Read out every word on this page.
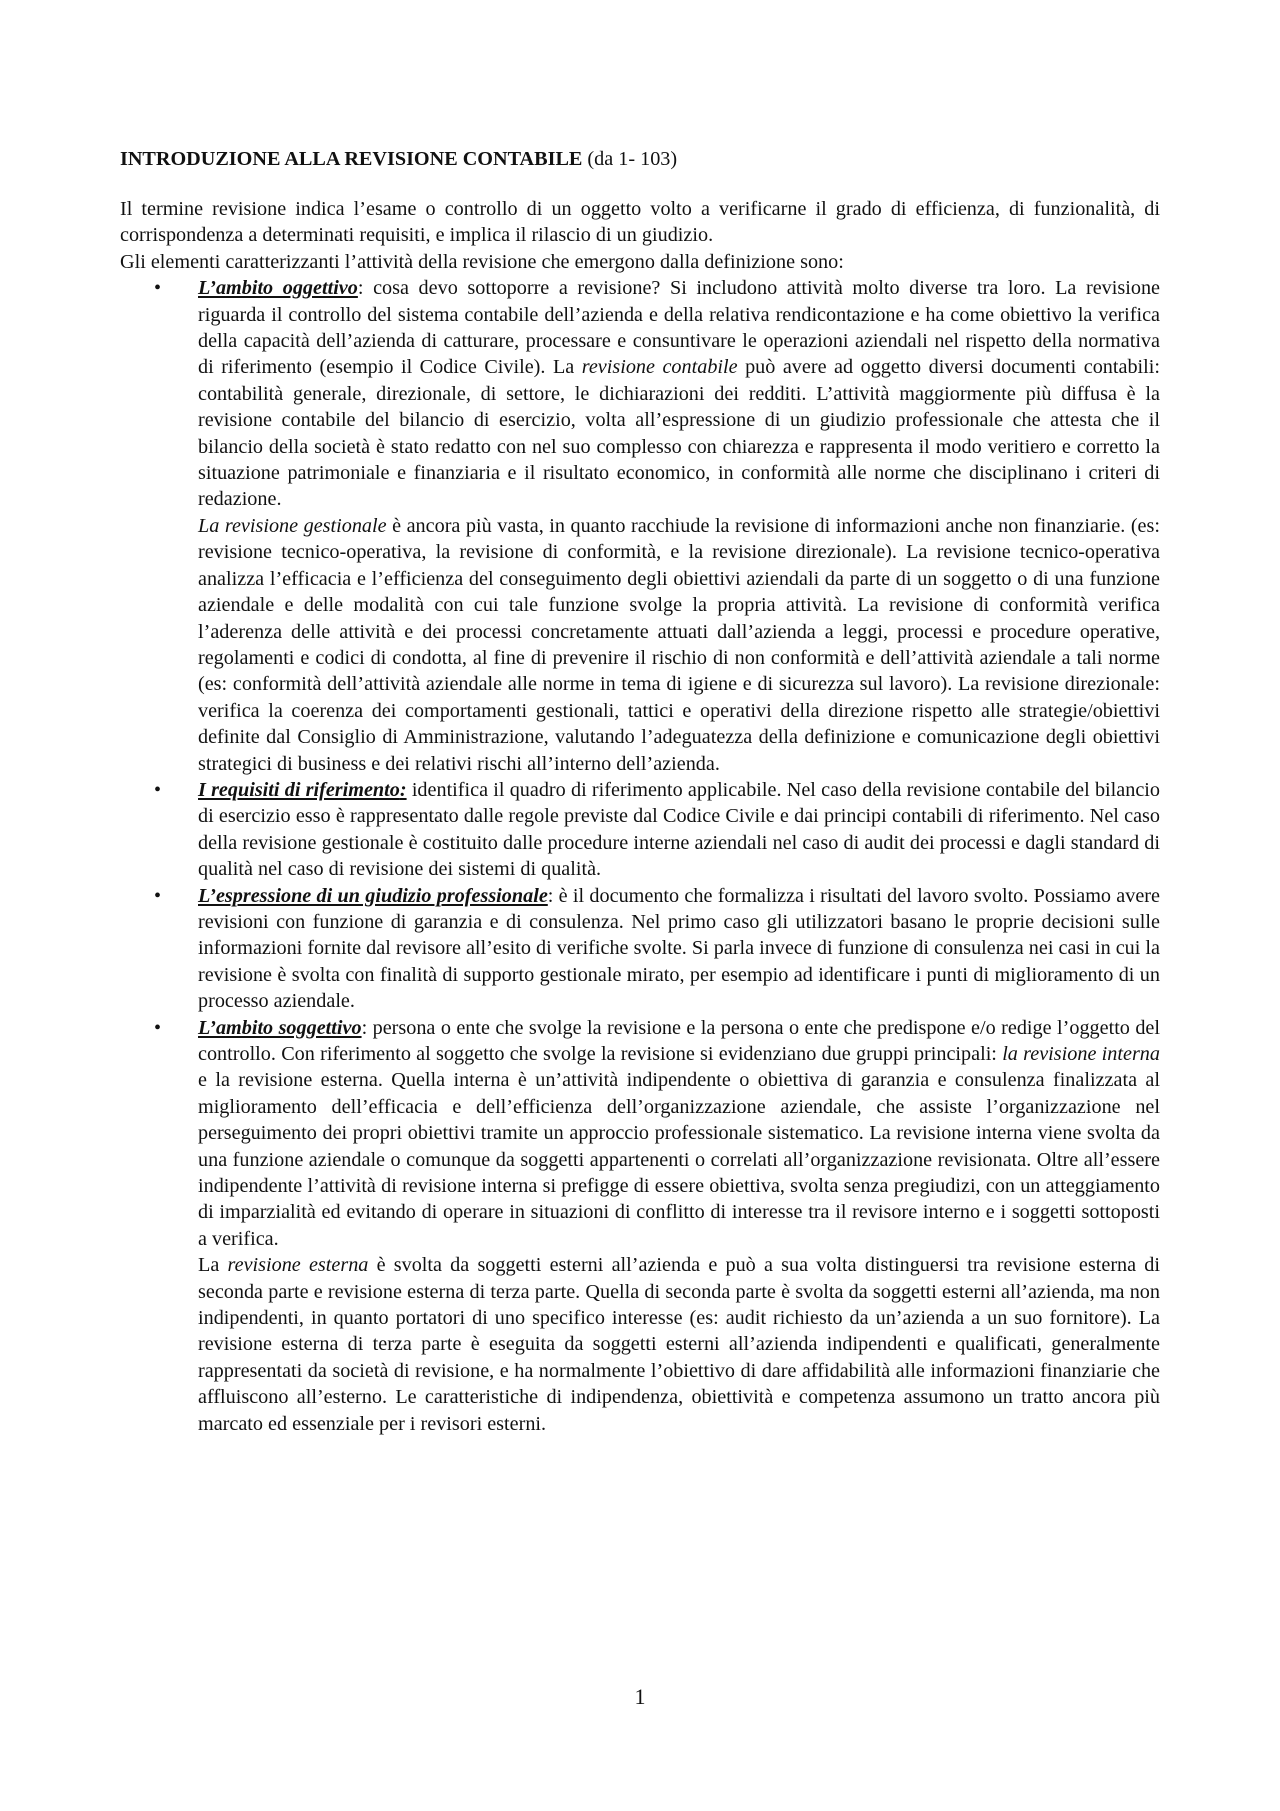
INTRODUZIONE ALLA REVISIONE CONTABILE (da 1- 103)

Il termine revisione indica l’esame o controllo di un oggetto volto a verificarne il grado di efficienza, di funzionalità, di corrispondenza a determinati requisiti, e implica il rilascio di un giudizio.

Gli elementi caratterizzanti l’attività della revisione che emergono dalla definizione sono:

• L’ambito oggettivo: cosa devo sottoporre a revisione? Si includono attività molto diverse tra loro. La revisione riguarda il controllo del sistema contabile dell’azienda e della relativa rendicontazione e ha come obiettivo la verifica della capacità dell’azienda di catturare, processare e consuntivare le operazioni aziendali nel rispetto della normativa di riferimento (esempio il Codice Civile). La revisione contabile può avere ad oggetto diversi documenti contabili: contabilità generale, direzionale, di settore, le dichiarazioni dei redditi. L’attività maggiormente più diffusa è la revisione contabile del bilancio di esercizio, volta all’espressione di un giudizio professionale che attesta che il bilancio della società è stato redatto con nel suo complesso con chiarezza e rappresenta il modo veritiero e corretto la situazione patrimoniale e finanziaria e il risultato economico, in conformità alle norme che disciplinano i criteri di redazione.
La revisione gestionale è ancora più vasta, in quanto racchiude la revisione di informazioni anche non finanziarie. (es: revisione tecnico-operativa, la revisione di conformità, e la revisione direzionale). La revisione tecnico-operativa analizza l’efficacia e l’efficienza del conseguimento degli obiettivi aziendali da parte di un soggetto o di una funzione aziendale e delle modalità con cui tale funzione svolge la propria attività. La revisione di conformità verifica l’aderenza delle attività e dei processi concretamente attuati dall’azienda a leggi, processi e procedure operative, regolamenti e codici di condotta, al fine di prevenire il rischio di non conformità e dell’attività aziendale a tali norme (es: conformità dell’attività aziendale alle norme in tema di igiene e di sicurezza sul lavoro). La revisione direzionale: verifica la coerenza dei comportamenti gestionali, tattici e operativi della direzione rispetto alle strategie/obiettivi definite dal Consiglio di Amministrazione, valutando l’adeguatezza della definizione e comunicazione degli obiettivi strategici di business e dei relativi rischi all’interno dell’azienda.
• I requisiti di riferimento: identifica il quadro di riferimento applicabile. Nel caso della revisione contabile del bilancio di esercizio esso è rappresentato dalle regole previste dal Codice Civile e dai principi contabili di riferimento. Nel caso della revisione gestionale è costituito dalle procedure interne aziendali nel caso di audit dei processi e dagli standard di qualità nel caso di revisione dei sistemi di qualità.
• L’espressione di un giudizio professionale: è il documento che formalizza i risultati del lavoro svolto. Possiamo avere revisioni con funzione di garanzia e di consulenza. Nel primo caso gli utilizzatori basano le proprie decisioni sulle informazioni fornite dal revisore all’esito di verifiche svolte. Si parla invece di funzione di consulenza nei casi in cui la revisione è svolta con finalità di supporto gestionale mirato, per esempio ad identificare i punti di miglioramento di un processo aziendale.
• L’ambito soggettivo: persona o ente che svolge la revisione e la persona o ente che predispone e/o redige l’oggetto del controllo. Con riferimento al soggetto che svolge la revisione si evidenziano due gruppi principali: la revisione interna e la revisione esterna. Quella interna è un’attività indipendente o obiettiva di garanzia e consulenza finalizzata al miglioramento dell’efficacia e dell’efficienza dell’organizzazione aziendale, che assiste l’organizzazione nel perseguimento dei propri obiettivi tramite un approccio professionale sistematico. La revisione interna viene svolta da una funzione aziendale o comunque da soggetti appartenenti o correlati all’organizzazione revisionata. Oltre all’essere indipendente l’attività di revisione interna si prefigge di essere obiettiva, svolta senza pregiudizi, con un atteggiamento di imparzialità ed evitando di operare in situazioni di conflitto di interesse tra il revisore interno e i soggetti sottoposti a verifica.
La revisione esterna è svolta da soggetti esterni all’azienda e può a sua volta distinguersi tra revisione esterna di seconda parte e revisione esterna di terza parte. Quella di seconda parte è svolta da soggetti esterni all’azienda, ma non indipendenti, in quanto portatori di uno specifico interesse (es: audit richiesto da un’azienda a un suo fornitore). La revisione esterna di terza parte è eseguita da soggetti esterni all’azienda indipendenti e qualificati, generalmente rappresentati da società di revisione, e ha normalmente l’obiettivo di dare affidabilità alle informazioni finanziarie che affluiscono all’esterno. Le caratteristiche di indipendenza, obiettività e competenza assumono un tratto ancora più marcato ed essenziale per i revisori esterni.
1
